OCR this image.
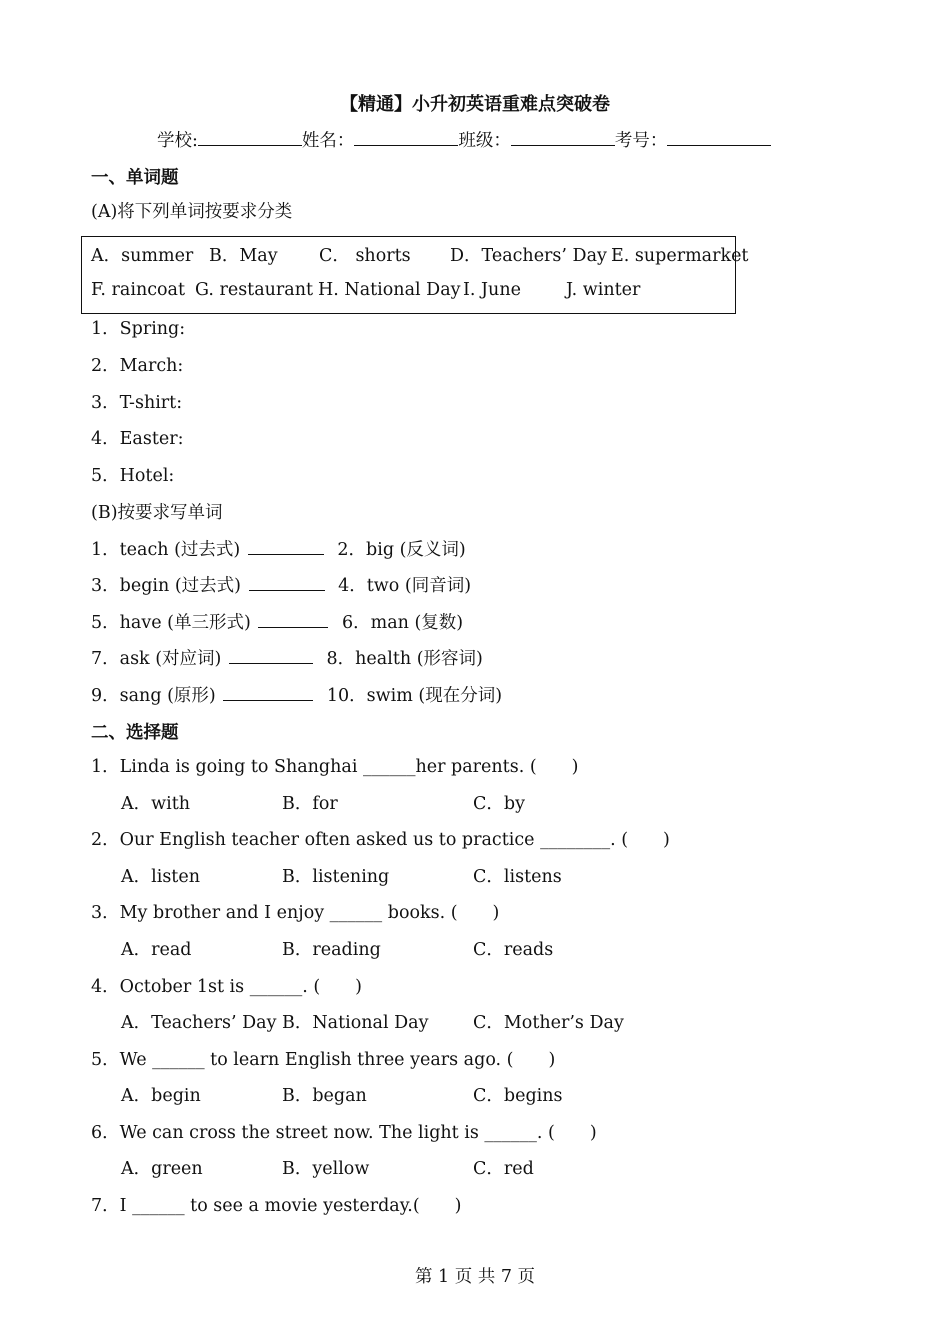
【精通】小升初英语重难点突破卷
学校:	姓名：	班级：	考号：
一、单词题
(A)将下列单词按要求分类
A．summer B．May C． shorts D．Teachers’ Day E. supermarket
F. raincoat G. restaurant H. National Day I. June	J. winter
1．Spring:
2．March:
3．T-shirt:
4．Easter:
5．Hotel:
(B)按要求写单词
1．teach (过去式)	2．big (反义词)
3．begin (过去式)	4．two (同音词)
5．have (单三形式)	6．man (复数)
7．ask (对应词)	8．health (形容词)
9．sang (原形)	10．swim (现在分词)
二、选择题
1．Linda is going to Shanghai ______her parents. (　　)
A．with	B．for	C．by
2．Our English teacher often asked us to practice ________. (　　)
A．listen	B．listening	C．listens
3．My brother and I enjoy ______ books. (　　)
A．read	B．reading	C．reads
4．October 1st is ______. (　　)
A．Teachers’ Day B．National Day	C．Mother’s Day
5．We ______ to learn English three years ago. (　　)
A．begin	B．began	C．begins
6．We can cross the street now. The light is ______. (　　)
A．green	B．yellow	C．red
7．I ______ to see a movie yesterday.(　　)
第 1 页 共 7 页
